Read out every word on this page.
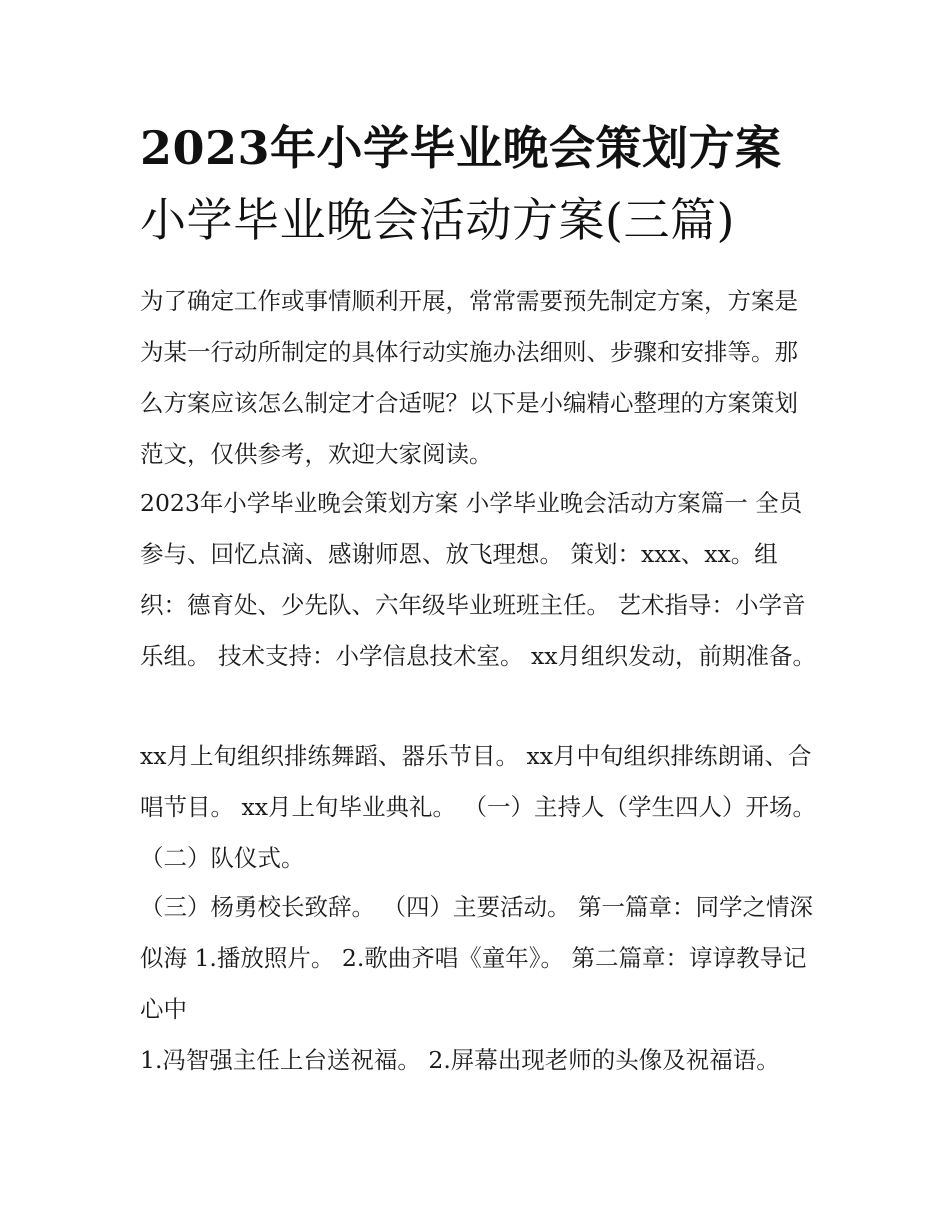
2023年小学毕业晚会策划方案
小学毕业晚会活动方案(三篇)

为了确定工作或事情顺利开展，常常需要预先制定方案，方案是为某一行动所制定的具体行动实施办法细则、步骤和安排等。那么方案应该怎么制定才合适呢？以下是小编精心整理的方案策划范文，仅供参考，欢迎大家阅读。

2023年小学毕业晚会策划方案 小学毕业晚会活动方案篇一 全员参与、回忆点滴、感谢师恩、放飞理想。 策划：xxx、xx。组织：德育处、少先队、六年级毕业班班主任。 艺术指导：小学音乐组。 技术支持：小学信息技术室。 xx月组织发动，前期准备。

xx月上旬组织排练舞蹈、器乐节目。 xx月中旬组织排练朗诵、合唱节目。 xx月上旬毕业典礼。 （一）主持人（学生四人）开场。 （二）队仪式。

（三）杨勇校长致辞。 （四）主要活动。 第一篇章：同学之情深似海 1.播放照片。 2.歌曲齐唱《童年》。 第二篇章：谆谆教导记心中

1.冯智强主任上台送祝福。 2.屏幕出现老师的头像及祝福语。
